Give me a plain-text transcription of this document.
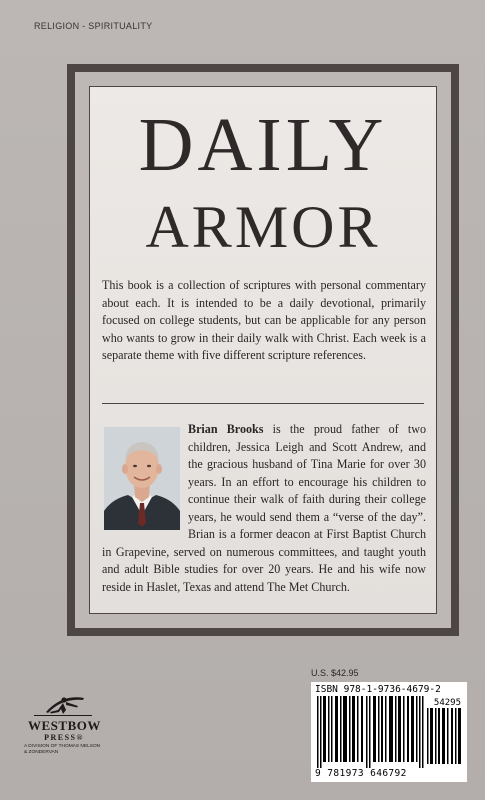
RELIGION - SPIRITUALITY
DAILY
ARMOR
This book is a collection of scriptures with personal commentary about each. It is intended to be a daily devotional, primarily focused on college students, but can be applicable for any person who wants to grow in their daily walk with Christ. Each week is a separate theme with five different scripture references.
Brian Brooks is the proud father of two children, Jessica Leigh and Scott Andrew, and the gracious husband of Tina Marie for over 30 years. In an effort to encourage his children to continue their walk of faith during their college years, he would send them a “verse of the day”. Brian is a former deacon at First Baptist Church in Grapevine, served on numerous committees, and taught youth and adult Bible studies for over 20 years. He and his wife now reside in Haslet, Texas and attend The Met Church.
U.S. $42.95
ISBN 978-1-9736-4679-2
54295
9 781973 646792
WESTBOW
PRESS®
A DIVISION OF THOMAS NELSON
& ZONDERVAN
